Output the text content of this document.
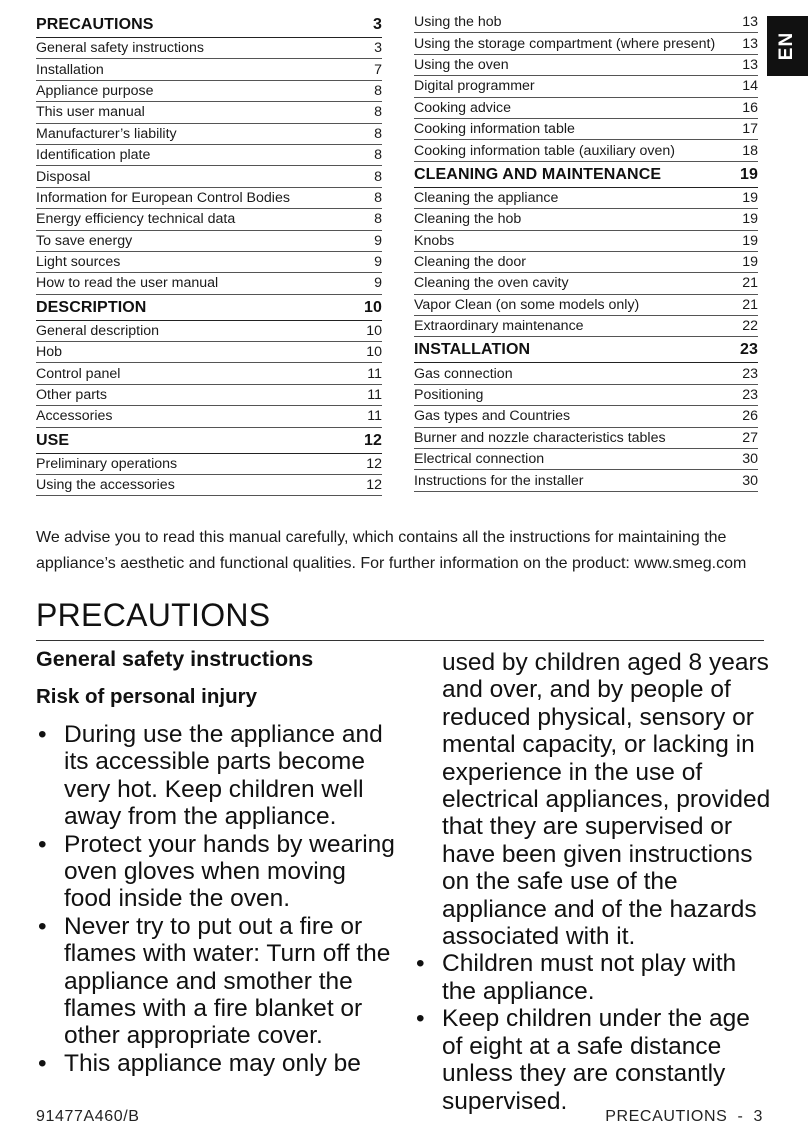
PRECAUTIONS	3
General safety instructions	3
Installation	7
Appliance purpose	8
This user manual	8
Manufacturer’s liability	8
Identification plate	8
Disposal	8
Information for European Control Bodies	8
Energy efficiency technical data	8
To save energy	9
Light sources	9
How to read the user manual	9
DESCRIPTION	10
General description	10
Hob	10
Control panel	11
Other parts	11
Accessories	11
USE	12
Preliminary operations	12
Using the accessories	12
Using the hob	13
Using the storage compartment (where present) 13
Using the oven	13
Digital programmer	14
Cooking advice	16
Cooking information table	17
Cooking information table (auxiliary oven)	18
CLEANING AND MAINTENANCE	19
Cleaning the appliance	19
Cleaning the hob	19
Knobs	19
Cleaning the door	19
Cleaning the oven cavity	21
Vapor Clean (on some models only)	21
Extraordinary maintenance	22
INSTALLATION	23
Gas connection	23
Positioning	23
Gas types and Countries	26
Burner and nozzle characteristics tables	27
Electrical connection	30
Instructions for the installer	30
EN
We advise you to read this manual carefully, which contains all the instructions for maintaining the appliance’s aesthetic and functional qualities. For further information on the product: www.smeg.com
PRECAUTIONS
General safety instructions
Risk of personal injury
• During use the appliance and its accessible parts become very hot. Keep children well away from the appliance.
• Protect your hands by wearing oven gloves when moving food inside the oven.
• Never try to put out a fire or flames with water: Turn off the appliance and smother the flames with a fire blanket or other appropriate cover.
• This appliance may only be

used by children aged 8 years and over, and by people of reduced physical, sensory or mental capacity, or lacking in experience in the use of electrical appliances, provided that they are supervised or have been given instructions on the safe use of the appliance and of the hazards associated with it.

• Children must not play with the appliance.
• Keep children under the age of eight at a safe distance unless they are constantly supervised.
91477A460/B	PRECAUTIONS  -  3
